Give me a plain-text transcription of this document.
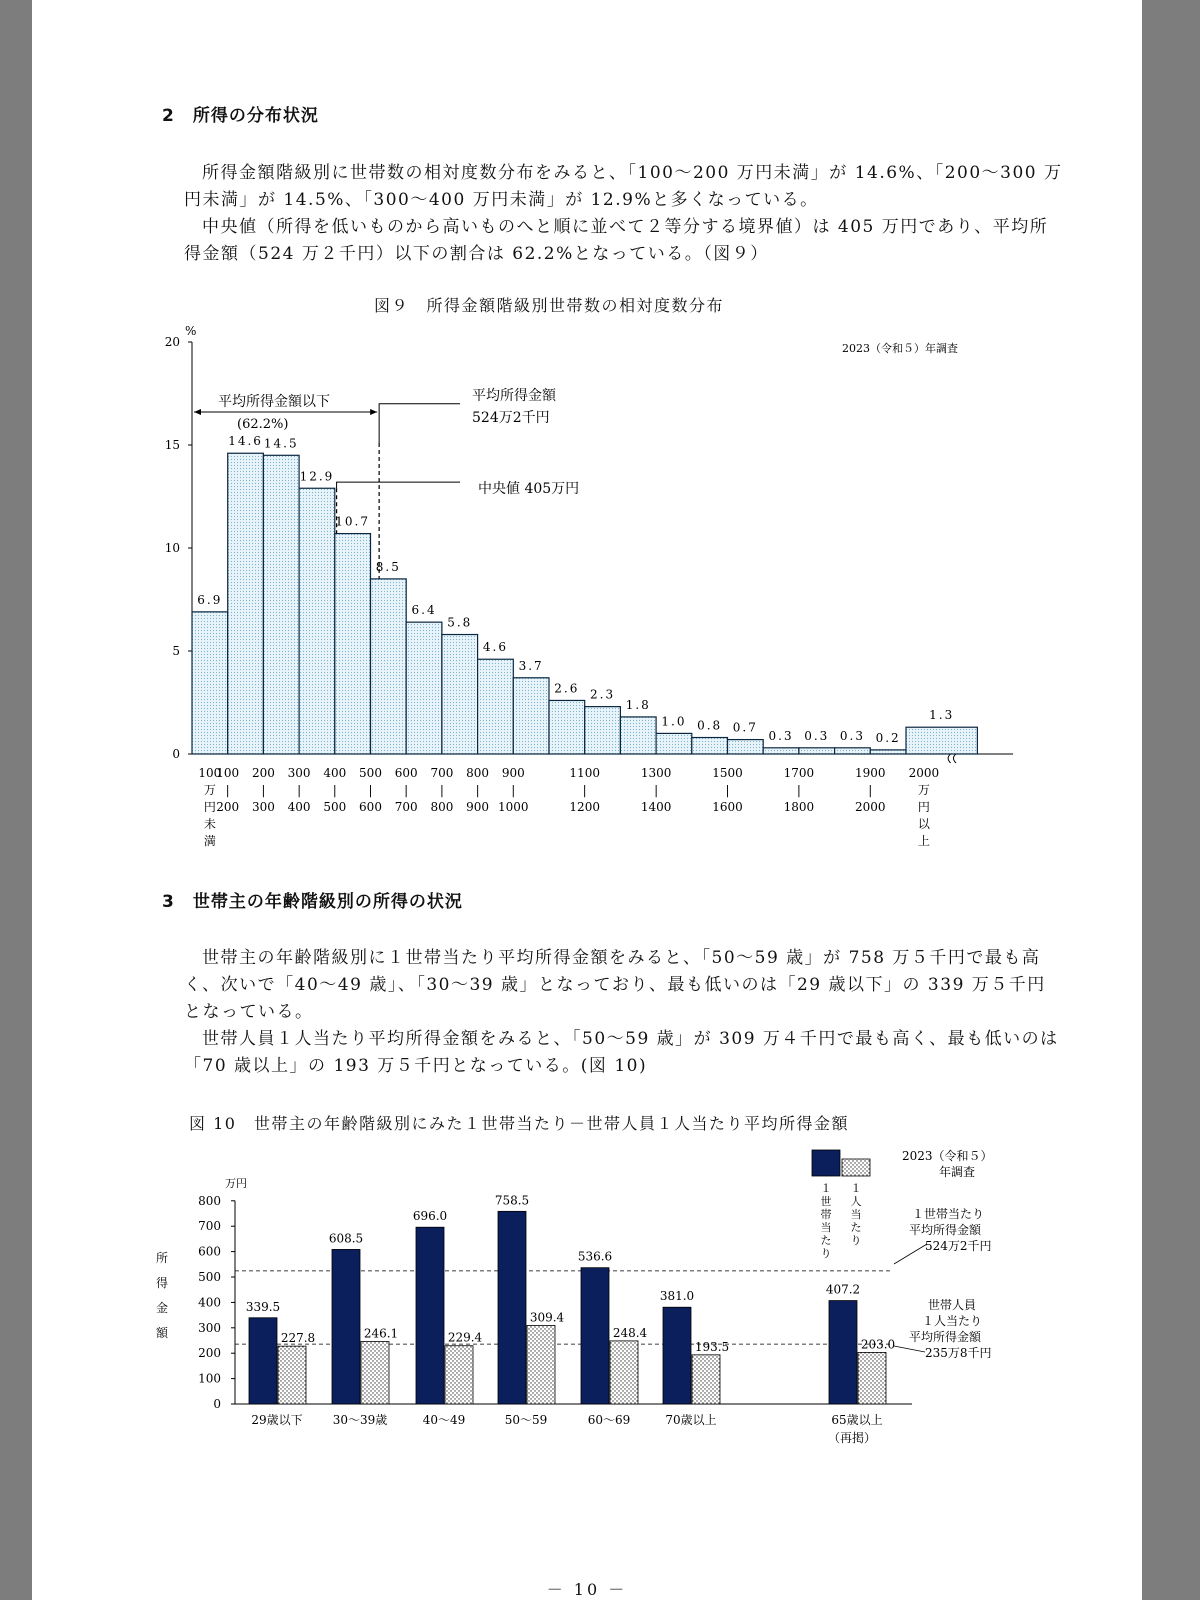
2　所得の分布状況

所得金額階級別に世帯数の相対度数分布をみると、「100～200 万円未満」が 14.6%、「200～300 万円未満」が 14.5%、「300～400 万円未満」が 12.9%と多くなっている。
中央値（所得を低いものから高いものへと順に並べて２等分する境界値）は 405 万円であり、平均所得金額（524 万２千円）以下の割合は 62.2%となっている。（図９）

図９　所得金額階級別世帯数の相対度数分布

0
5
10
15
20
6.9
14.6 14.5
12.9
10.7
8.5
6.4
5.8
4.6
3.7
2.6 2.3
1.8
1.0 0.8 0.7
0.3 0.3 0.3 0.2
1.3
100
万
円
未
満
100
|
200
200
|
300
300
|
400
400
|
500
500
|
600
600
|
700
700
|
800
800
|
900
900
|
1000
1100
|
1200
1300
|
1400
1500
|
1600
1700
|
1800
1900
|
2000
2000
万
円
以
上
%
2023（令和５）年調査
平均所得金額以下
(62.2%)
平均所得金額
524万2千円
中央値 405万円
3　世帯主の年齢階級別の所得の状況

世帯主の年齢階級別に１世帯当たり平均所得金額をみると、「50～59 歳」が 758 万５千円で最も高く、次いで「40～49 歳」、「30～39 歳」となっており、最も低いのは「29 歳以下」の 339 万５千円となっている。
世帯人員１人当たり平均所得金額をみると、「50～59 歳」が 309 万４千円で最も高く、最も低いのは「70 歳以上」の 193 万５千円となっている。(図 10)

図 10　世帯主の年齢階級別にみた１世帯当たり－世帯人員１人当たり平均所得金額

0
100
200
300
400
500
600
700
800
所
得
金
額
339.5
227.8
29歳以下
608.5
246.1
30～39歳
696.0
229.4
40～49
758.5
309.4
50～59
536.6
248.4
60～69
381.0
193.5
70歳以上
407.2
203.0
65歳以上
万円
2023（令和５）
年調査
１
世
帯
当
た
り
１
人
当
た
り
１世帯当たり
平均所得金額
524万2千円
世帯人員
１人当たり
平均所得金額
235万8千円
（再掲）
－ 10 －
